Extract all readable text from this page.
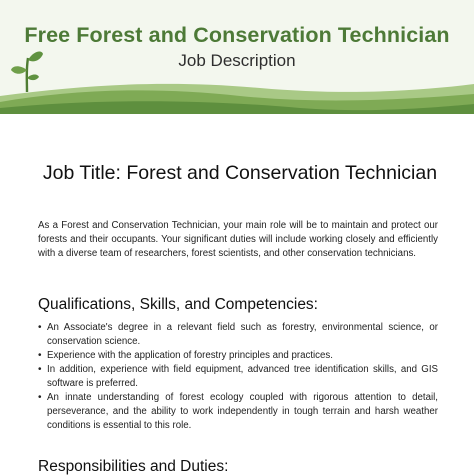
Free Forest and Conservation Technician
Job Description
Job Title: Forest and Conservation Technician
As a Forest and Conservation Technician, your main role will be to maintain and protect our forests and their occupants. Your significant duties will include working closely and efficiently with a diverse team of researchers, forest scientists, and other conservation technicians.
Qualifications, Skills, and Competencies:
• An Associate's degree in a relevant field such as forestry, environmental science, or conservation science.
• Experience with the application of forestry principles and practices.
• In addition, experience with field equipment, advanced tree identification skills, and GIS software is preferred.
• An innate understanding of forest ecology coupled with rigorous attention to detail, perseverance, and the ability to work independently in tough terrain and harsh weather conditions is essential to this role.
Responsibilities and Duties:
